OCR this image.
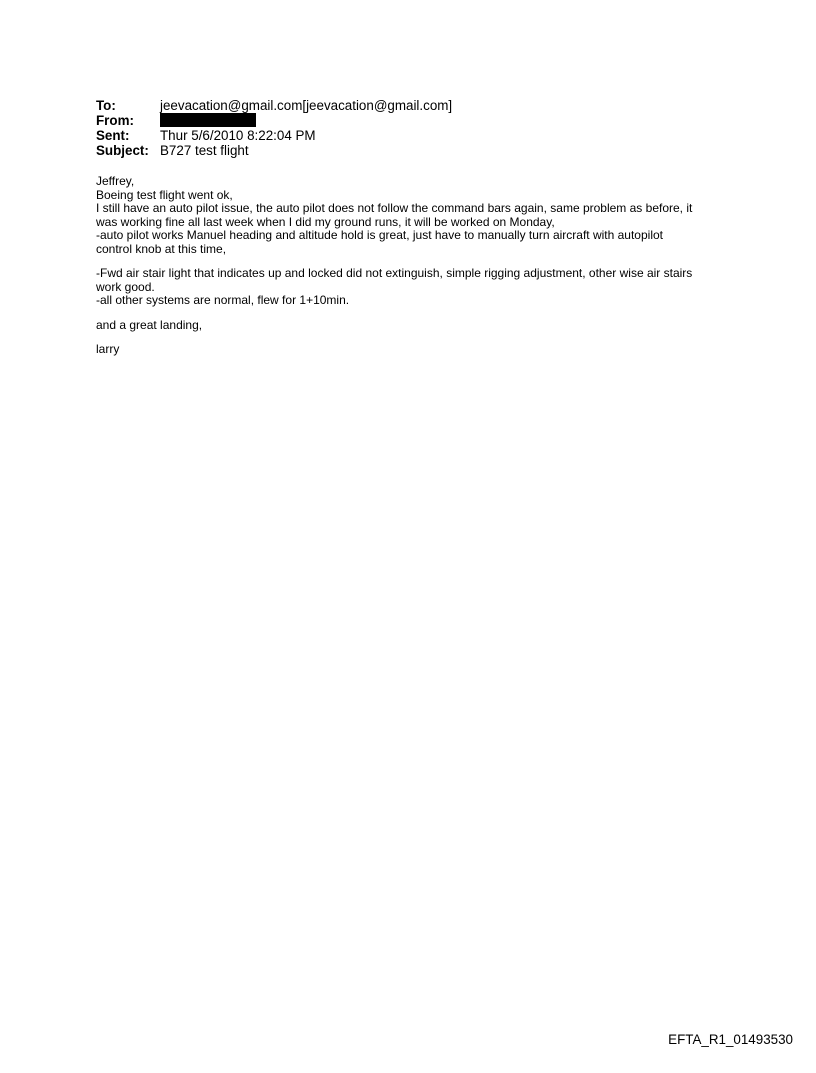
To:	jeevacation@gmail.com[jeevacation@gmail.com]
From:
Sent:	Thur 5/6/2010 8:22:04 PM
Subject: B727 test flight

Jeffrey,
Boeing test flight went ok,
I still have an auto pilot issue, the auto pilot does not follow the command bars again, same problem as before, it
was working fine all last week when I did my ground runs, it will be worked on Monday,
-auto pilot works Manuel heading and altitude hold is great, just have to manually turn aircraft with autopilot
control knob at this time,

-Fwd air stair light that indicates up and locked did not extinguish, simple rigging adjustment, other wise air stairs
work good.
-all other systems are normal, flew for 1+10min.

and a great landing,

larry

EFTA_R1_01493530
